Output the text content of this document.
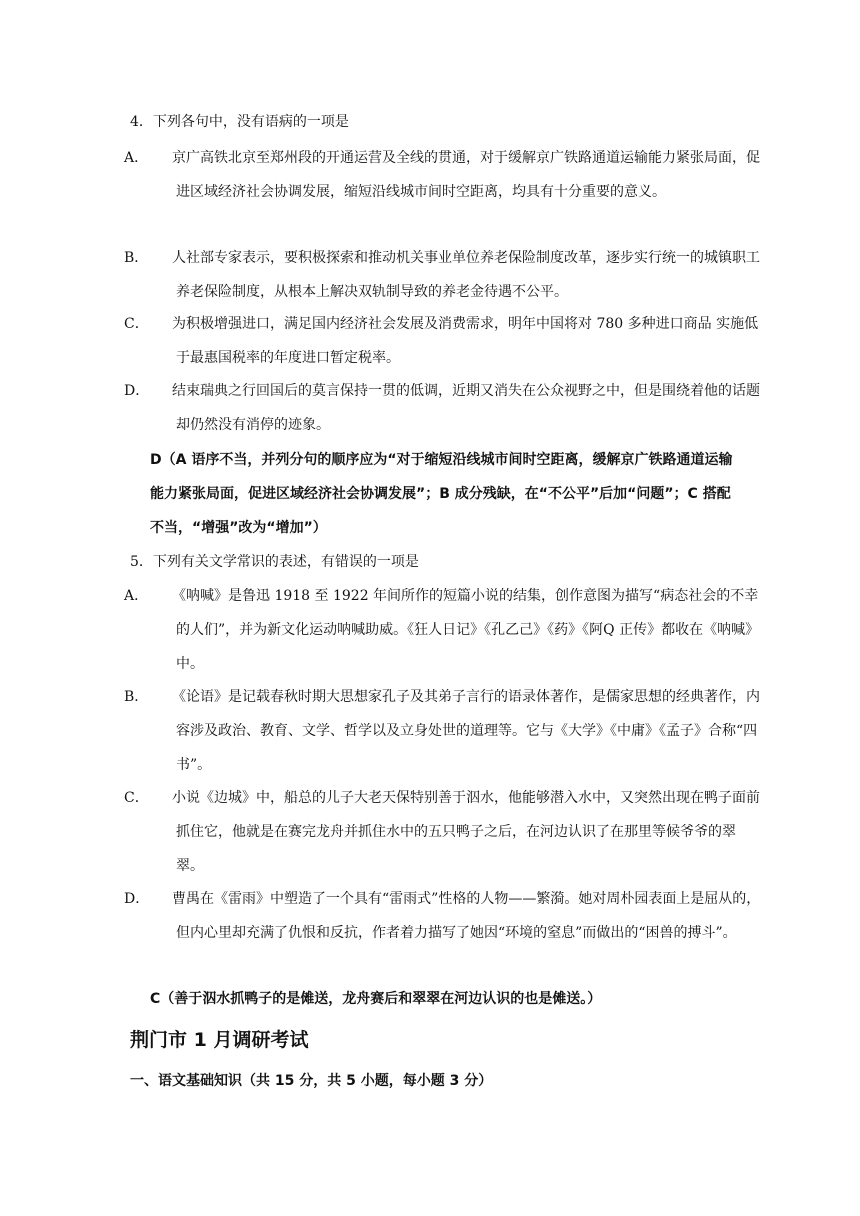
4．下列各句中，没有语病的一项是
A． 京广高铁北京至郑州段的开通运营及全线的贯通，对于缓解京广铁路通道运输能力紧张局面，促进区域经济社会协调发展，缩短沿线城市间时空距离，均具有十分重要的意义。
B． 人社部专家表示，要积极探索和推动机关事业单位养老保险制度改革，逐步实行统一的城镇职工养老保险制度，从根本上解决双轨制导致的养老金待遇不公平。
C． 为积极增强进口，满足国内经济社会发展及消费需求，明年中国将对 780 多种进口商品 实施低于最惠国税率的年度进口暂定税率。
D． 结束瑞典之行回国后的莫言保持一贯的低调，近期又消失在公众视野之中，但是围绕着他的话题却仍然没有消停的迹象。
D（A 语序不当，并列分句的顺序应为“对于缩短沿线城市间时空距离，缓解京广铁路通道运输能力紧张局面，促进区域经济社会协调发展”；B 成分残缺，在“不公平”后加“问题”；C 搭配不当，“增强”改为“增加”）
5．下列有关文学常识的表述，有错误的一项是
A． 《呐喊》是鲁迅 1918 至 1922 年间所作的短篇小说的结集，创作意图为描写“病态社会的不幸的人们”，并为新文化运动呐喊助威。《狂人日记》《孔乙己》《药》《阿Q 正传》都收在《呐喊》中。
B． 《论语》是记载春秋时期大思想家孔子及其弟子言行的语录体著作，是儒家思想的经典著作，内容涉及政治、教育、文学、哲学以及立身处世的道理等。它与《大学》《中庸》《孟子》合称“四书”。
C． 小说《边城》中，船总的儿子大老天保特别善于泅水，他能够潜入水中，又突然出现在鸭子面前抓住它，他就是在赛完龙舟并抓住水中的五只鸭子之后，在河边认识了在那里等候爷爷的翠翠。
D． 曹禺在《雷雨》中塑造了一个具有“雷雨式”性格的人物——繁漪。她对周朴园表面上是屈从的，但内心里却充满了仇恨和反抗，作者着力描写了她因“环境的窒息”而做出的“困兽的搏斗”。
C（善于泅水抓鸭子的是傩送，龙舟赛后和翠翠在河边认识的也是傩送。）
荆门市 1 月调研考试
一、语文基础知识（共 15 分，共 5 小题，每小题 3 分）
